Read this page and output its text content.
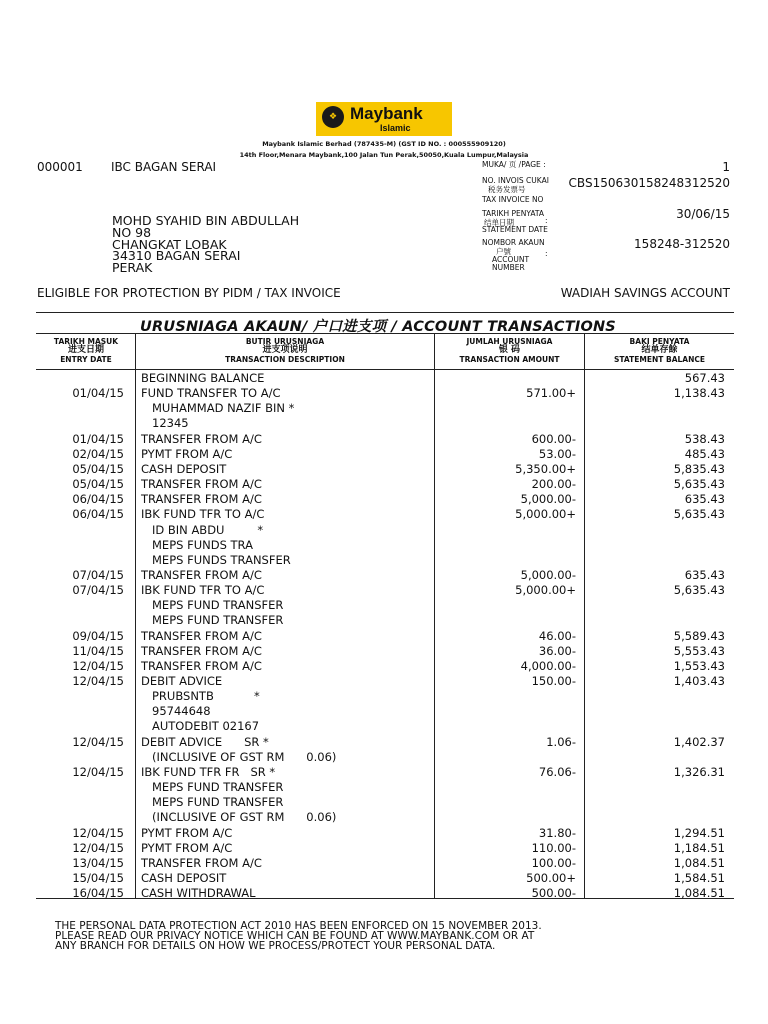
❖ Maybank
Islamic
Maybank Islamic Berhad (787435-M) (GST ID NO. : 000555909120)
14th Floor,Menara Maybank,100 Jalan Tun Perak,50050,Kuala Lumpur,Malaysia
000001 IBC BAGAN SERAI	MUKA/ 页 /PAGE :	1
NO. INVOIS CUKAI
税务发票号
TAX INVOICE NO
CBS150630158248312520
TARIKH PENYATA
结单日期
STATEMENT DATE
:	30/06/15
NOMBOR AKAUN
户號
ACCOUNT
NUMBER
:
158248-312520
MOHD SYAHID BIN ABDULLAH
NO 98
CHANGKAT LOBAK
34310 BAGAN SERAI
PERAK
ELIGIBLE FOR PROTECTION BY PIDM / TAX INVOICE	WADIAH SAVINGS ACCOUNT
URUSNIAGA AKAUN/ 户口进支项 / ACCOUNT TRANSACTIONS
TARIKH MASUK
进支日期
ENTRY DATE
BUTIR URUSNIAGA
进支项说明
TRANSACTION DESCRIPTION
JUMLAH URUSNIAGA
银 码
TRANSACTION AMOUNT
BAKI PENYATA
结单存餘
STATEMENT BALANCE
BEGINNING BALANCE	567.43
01/04/15 FUND TRANSFER TO A/C	571.00+	1,138.43
MUHAMMAD NAZIF BIN *
12345
01/04/15 TRANSFER FROM A/C	600.00-	538.43
02/04/15 PYMT FROM A/C	53.00-	485.43
05/04/15 CASH DEPOSIT	5,350.00+	5,835.43
05/04/15 TRANSFER FROM A/C	200.00-	5,635.43
06/04/15 TRANSFER FROM A/C	5,000.00-	635.43
06/04/15 IBK FUND TFR TO A/C	5,000.00+	5,635.43
ID BIN ABDU         *
MEPS FUNDS TRA
MEPS FUNDS TRANSFER
07/04/15 TRANSFER FROM A/C	5,000.00-	635.43
07/04/15 IBK FUND TFR TO A/C	5,000.00+	5,635.43
MEPS FUND TRANSFER
MEPS FUND TRANSFER
09/04/15 TRANSFER FROM A/C	46.00-	5,589.43
11/04/15 TRANSFER FROM A/C	36.00-	5,553.43
12/04/15 TRANSFER FROM A/C	4,000.00-	1,553.43
12/04/15 DEBIT ADVICE	150.00-	1,403.43
PRUBSNTB           *
95744648
AUTODEBIT 02167
12/04/15 DEBIT ADVICE      SR *	1.06-	1,402.37
(INCLUSIVE OF GST RM      0.06)
12/04/15 IBK FUND TFR FR   SR *	76.06-	1,326.31
MEPS FUND TRANSFER
MEPS FUND TRANSFER
(INCLUSIVE OF GST RM      0.06)
12/04/15 PYMT FROM A/C	31.80-	1,294.51
12/04/15 PYMT FROM A/C	110.00-	1,184.51
13/04/15 TRANSFER FROM A/C	100.00-	1,084.51
15/04/15 CASH DEPOSIT	500.00+	1,584.51
16/04/15 CASH WITHDRAWAL	500.00-	1,084.51
THE PERSONAL DATA PROTECTION ACT 2010 HAS BEEN ENFORCED ON 15 NOVEMBER 2013.
PLEASE READ OUR PRIVACY NOTICE WHICH CAN BE FOUND AT WWW.MAYBANK.COM OR AT
ANY BRANCH FOR DETAILS ON HOW WE PROCESS/PROTECT YOUR PERSONAL DATA.
